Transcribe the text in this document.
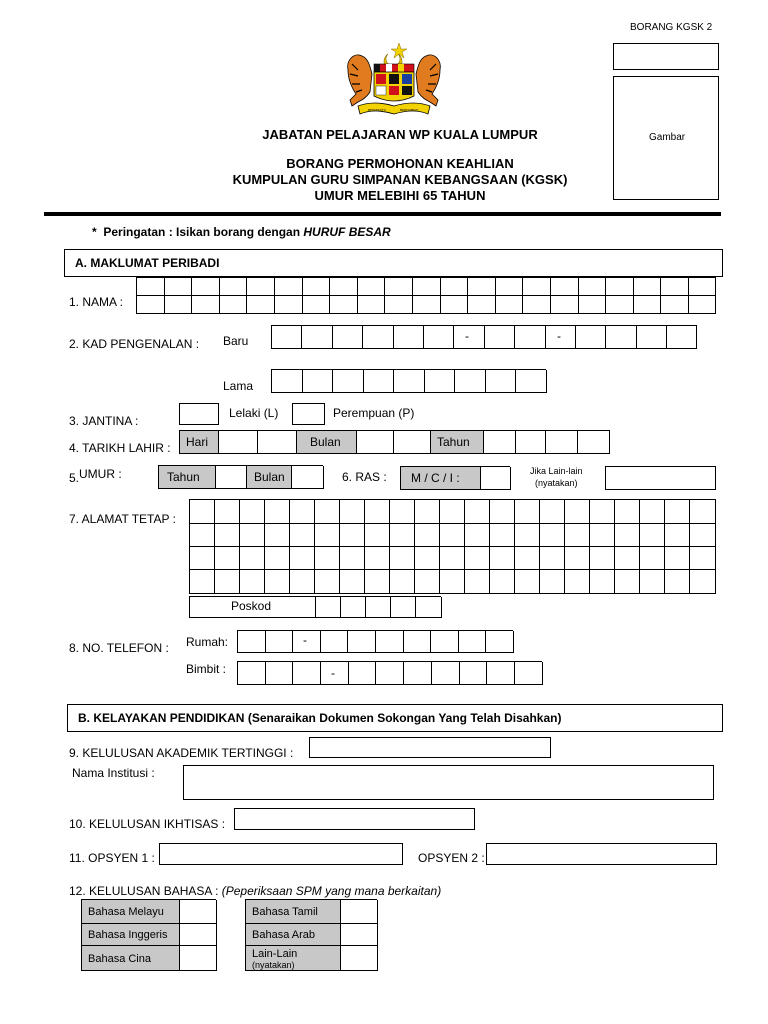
BORANG KGSK 2
Gambar
BERSEKUTU	BERTAMBAH
JABATAN PELAJARAN WP KUALA LUMPUR
BORANG PERMOHONAN KEAHLIAN
KUMPULAN GURU SIMPANAN KEBANGSAAN (KGSK)
UMUR MELEBIHI 65 TAHUN
* Peringatan : Isikan borang dengan HURUF BESAR
A. MAKLUMAT PERIBADI
1. NAMA :
2. KAD PENGENALAN : Baru	-	-
Lama
3. JANTINA :
Lelaki (L)	Perempuan (P)
4. TARIKH LAHIR : Hari	Bulan	Tahun
5. UMUR :	Tahun	Bulan	6. RAS : M / C / I :	Jika Lain-lain
(nyatakan)
7. ALAMAT TETAP :
Poskod
8. NO. TELEFON : Rumah:	-
Bimbit :	-
B. KELAYAKAN PENDIDIKAN (Senaraikan Dokumen Sokongan Yang Telah Disahkan)
9. KELULUSAN AKADEMIK TERTINGGI :
Nama Institusi :
10. KELULUSAN IKHTISAS :
11. OPSYEN 1 :	OPSYEN 2 :
12. KELULUSAN BAHASA : (Peperiksaan SPM yang mana berkaitan)
Bahasa Melayu
Bahasa Inggeris
Bahasa Cina
Bahasa Tamil
Bahasa Arab
Lain-Lain
(nyatakan)
